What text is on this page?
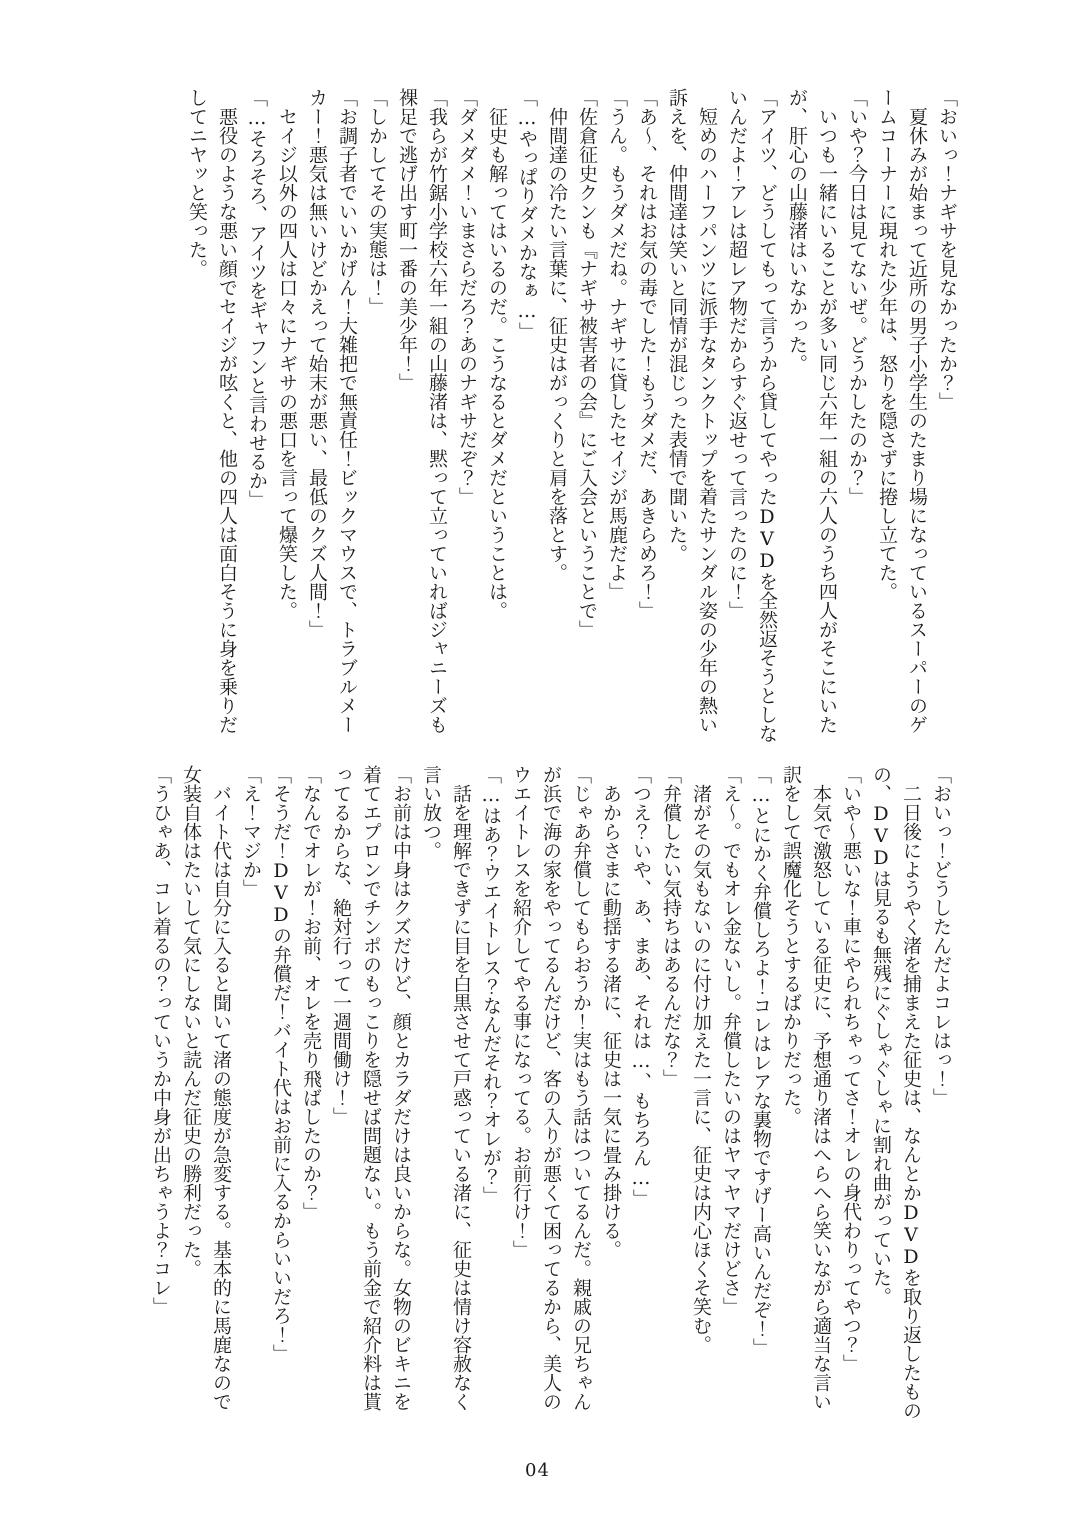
「おいっ！ナギサを見なかったか？」

　夏休みが始まって近所の男子小学生のたまり場になっているスーパーのゲ

ームコーナーに現れた少年は、怒りを隠さずに捲し立てた。

「いや？今日は見てないぜ。どうかしたのか？」

　いつも一緒にいることが多い同じ六年一組の六人のうち四人がそこにいた

が、肝心の山藤渚はいなかった。

「アイツ、どうしてもって言うから貸してやったDVDを全然返そうとしな

いんだよ！アレは超レア物だからすぐ返せって言ったのに！」

　短めのハーフパンツに派手なタンクトップを着たサンダル姿の少年の熱い

訴えを、仲間達は笑いと同情が混じった表情で聞いた。

「あ〜、それはお気の毒でした！もうダメだ、あきらめろ！」

「うん。もうダメだね。ナギサに貸したセイジが馬鹿だよ」

「佐倉征史クンも『ナギサ被害者の会』にご入会ということで」

　仲間達の冷たい言葉に、征史はがっくりと肩を落とす。

「…やっぱりダメかなぁ…」

　征史も解ってはいるのだ。こうなるとダメだということは。

「ダメダメ！いまさらだろ？あのナギサだぞ？」

「我らが竹鋸小学校六年一組の山藤渚は、黙って立っていればジャニーズも

裸足で逃げ出す町一番の美少年！」

「しかしてその実態は！」

「お調子者でいいかげん！大雑把で無責任！ビックマウスで、トラブルメー

カー！悪気は無いけどかえって始末が悪い、最低のクズ人間！」

　セイジ以外の四人は口々にナギサの悪口を言って爆笑した。

「…そろそろ、アイツをギャフンと言わせるか」

　悪役のような悪い顔でセイジが呟くと、他の四人は面白そうに身を乗りだ

してニヤッと笑った。

「おいっ！どうしたんだよコレはっ！」

　二日後にようやく渚を捕まえた征史は、なんとかDVDを取り返したもの

の、DVDは見るも無残にぐしゃぐしゃに割れ曲がっていた。

「いや〜悪いな！車にやられちゃってさ！オレの身代わりってやつ？」

　本気で激怒している征史に、予想通り渚はへらへら笑いながら適当な言い

訳をして誤魔化そうとするばかりだった。

「…とにかく弁償しろよ！コレはレアな裏物ですげー高いんだぞ！」

「え〜。でもオレ金ないし。弁償したいのはヤマヤマだけどさ」

　渚がその気もないのに付け加えた一言に、征史は内心ほくそ笑む。

「弁償したい気持ちはあるんだな？」

「つえ？いや、あ、まあ、それは…、もちろん…」

　あからさまに動揺する渚に、征史は一気に畳み掛ける。

「じゃあ弁償してもらおうか！実はもう話はついてるんだ。親戚の兄ちゃん

が浜で海の家をやってるんだけど、客の入りが悪くて困ってるから、美人の

ウエイトレスを紹介してやる事になってる。お前行け！」

「…はあ？ウエイトレス？なんだそれ？オレが？」

　話を理解できずに目を白黒させて戸惑っている渚に、征史は情け容赦なく

言い放つ。

「お前は中身はクズだけど、顔とカラダだけは良いからな。女物のビキニを

着てエプロンでチンポのもっこりを隠せば問題ない。もう前金で紹介料は貰

ってるからな、絶対行って一週間働け！」

「なんでオレが！お前、オレを売り飛ばしたのか？」

「そうだ！DVDの弁償だ！バイト代はお前に入るからいいだろ！」

「え！マジか」

　バイト代は自分に入ると聞いて渚の態度が急変する。基本的に馬鹿なので

女装自体はたいして気にしないと読んだ征史の勝利だった。

「うひゃあ、コレ着るの？っていうか中身が出ちゃうよ？コレ」

04
